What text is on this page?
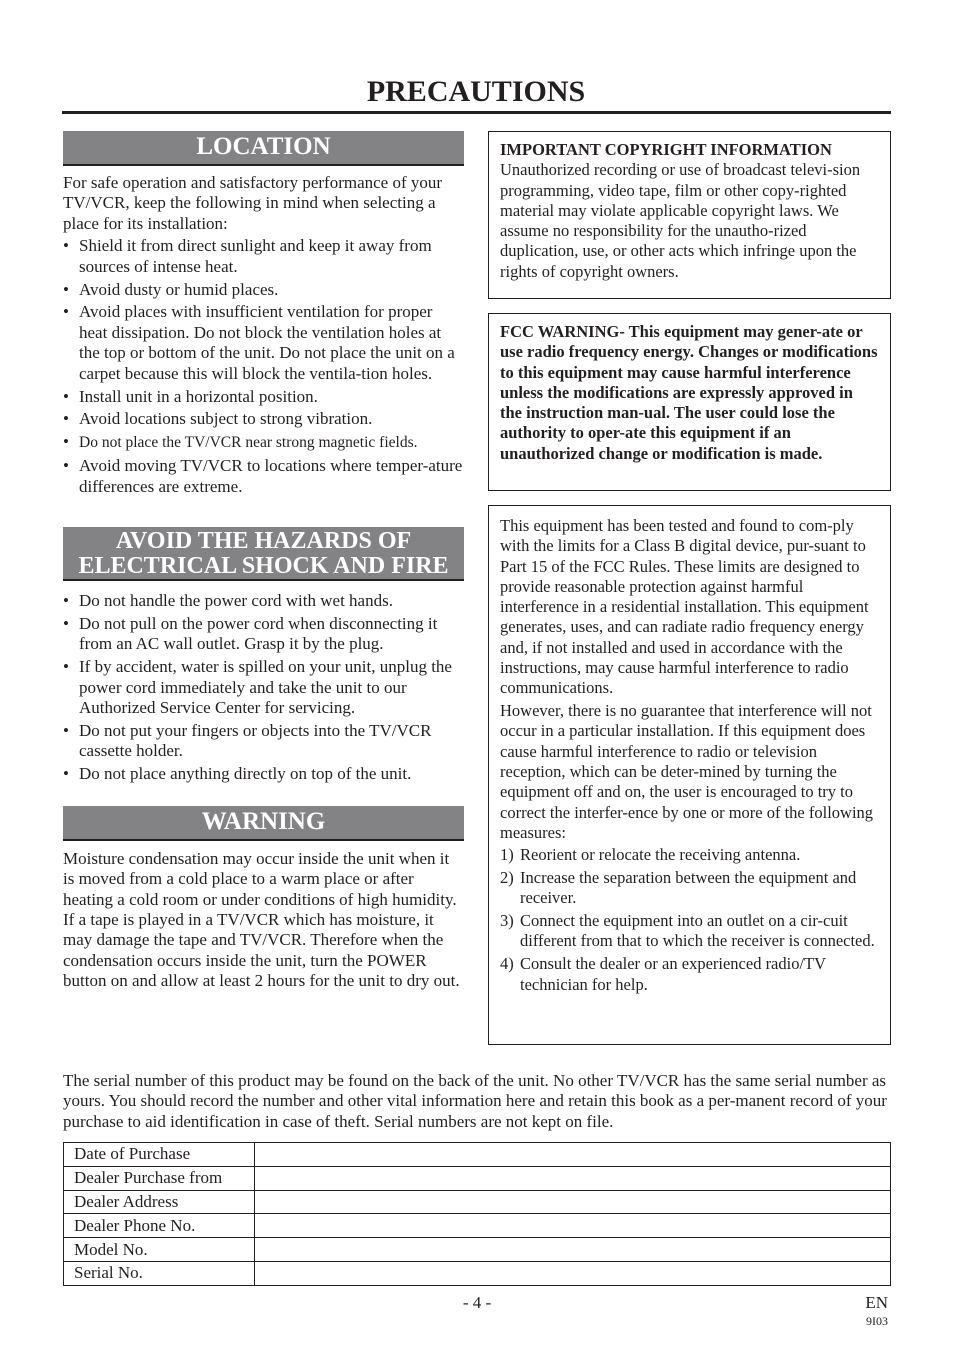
PRECAUTIONS
LOCATION

For safe operation and satisfactory performance of your TV/VCR, keep the following in mind when selecting a place for its installation:

• Shield it from direct sunlight and keep it away from sources of intense heat.
• Avoid dusty or humid places.
• Avoid places with insufficient ventilation for proper heat dissipation. Do not block the ventilation holes at the top or bottom of the unit. Do not place the unit on a carpet because this will block the ventila-tion holes.
• Install unit in a horizontal position.
• Avoid locations subject to strong vibration.
• Do not place the TV/VCR near strong magnetic fields.
• Avoid moving TV/VCR to locations where temper-ature differences are extreme.
AVOID THE HAZARDS OF
ELECTRICAL SHOCK AND FIRE
• Do not handle the power cord with wet hands.
• Do not pull on the power cord when disconnecting it from an AC wall outlet. Grasp it by the plug.
• If by accident, water is spilled on your unit, unplug the power cord immediately and take the unit to our Authorized Service Center for servicing.
• Do not put your fingers or objects into the TV/VCR cassette holder.
• Do not place anything directly on top of the unit.
WARNING

Moisture condensation may occur inside the unit when it is moved from a cold place to a warm place or after heating a cold room or under conditions of high humidity. If a tape is played in a TV/VCR which has moisture, it may damage the tape and TV/VCR. Therefore when the condensation occurs inside the unit, turn the POWER button on and allow at least 2 hours for the unit to dry out.

IMPORTANT COPYRIGHT INFORMATION

Unauthorized recording or use of broadcast televi-sion programming, video tape, film or other copy-righted material may violate applicable copyright laws. We assume no responsibility for the unautho-rized duplication, use, or other acts which infringe upon the rights of copyright owners.

FCC WARNING- This equipment may gener-ate or use radio frequency energy. Changes or modifications to this equipment may cause harmful interference unless the modifications are expressly approved in the instruction man-ual. The user could lose the authority to oper-ate this equipment if an unauthorized change or modification is made.

This equipment has been tested and found to com-ply with the limits for a Class B digital device, pur-suant to Part 15 of the FCC Rules. These limits are designed to provide reasonable protection against harmful interference in a residential installation. This equipment generates, uses, and can radiate radio frequency energy and, if not installed and used in accordance with the instructions, may cause harmful interference to radio communications.

However, there is no guarantee that interference will not occur in a particular installation. If this equipment does cause harmful interference to radio or television reception, which can be deter-mined by turning the equipment off and on, the user is encouraged to try to correct the interfer-ence by one or more of the following measures:

1) Reorient or relocate the receiving antenna.
2) Increase the separation between the equipment and receiver.
3) Connect the equipment into an outlet on a cir-cuit different from that to which the receiver is connected.
4) Consult the dealer or an experienced radio/TV technician for help.

The serial number of this product may be found on the back of the unit. No other TV/VCR has the same serial number as yours. You should record the number and other vital information here and retain this book as a per-manent record of your purchase to aid identification in case of theft. Serial numbers are not kept on file.

Date of Purchase	
Dealer Purchase from	
Dealer Address	
Dealer Phone No.	
Model No.	
Serial No.	
- 4 -	EN
9I03
